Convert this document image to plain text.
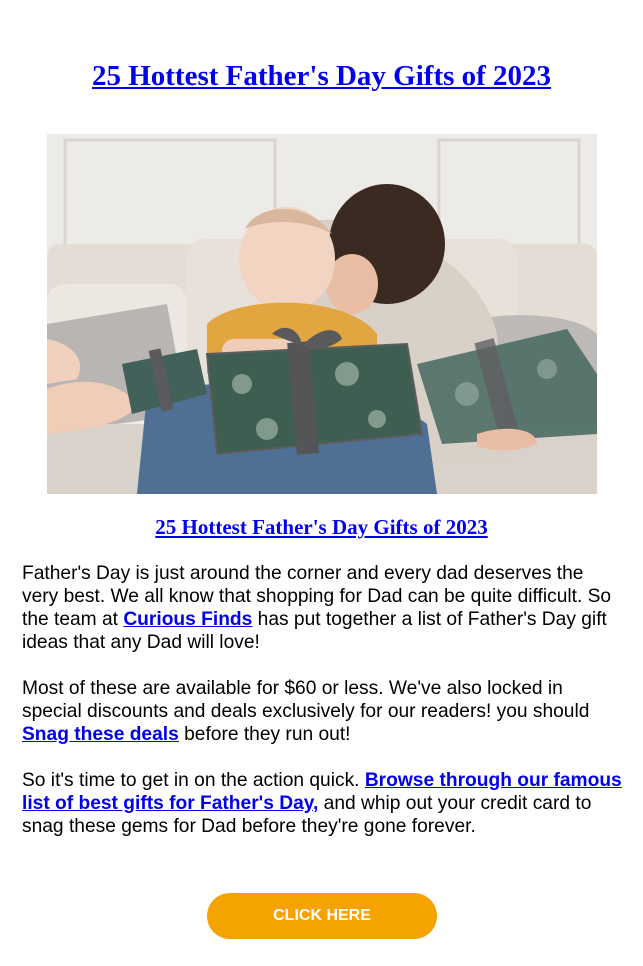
25 Hottest Father's Day Gifts of 2023
25 Hottest Father's Day Gifts of 2023

Father's Day is just around the corner and every dad deserves the very best. We all know that shopping for Dad can be quite difficult. So the team at Curious Finds has put together a list of Father's Day gift ideas that any Dad will love!

Most of these are available for $60 or less. We've also locked in special discounts and deals exclusively for our readers! you should Snag these deals before they run out!

So it's time to get in on the action quick. Browse through our famous list of best gifts for Father's Day, and whip out your credit card to snag these gems for Dad before they're gone forever.

CLICK HERE
